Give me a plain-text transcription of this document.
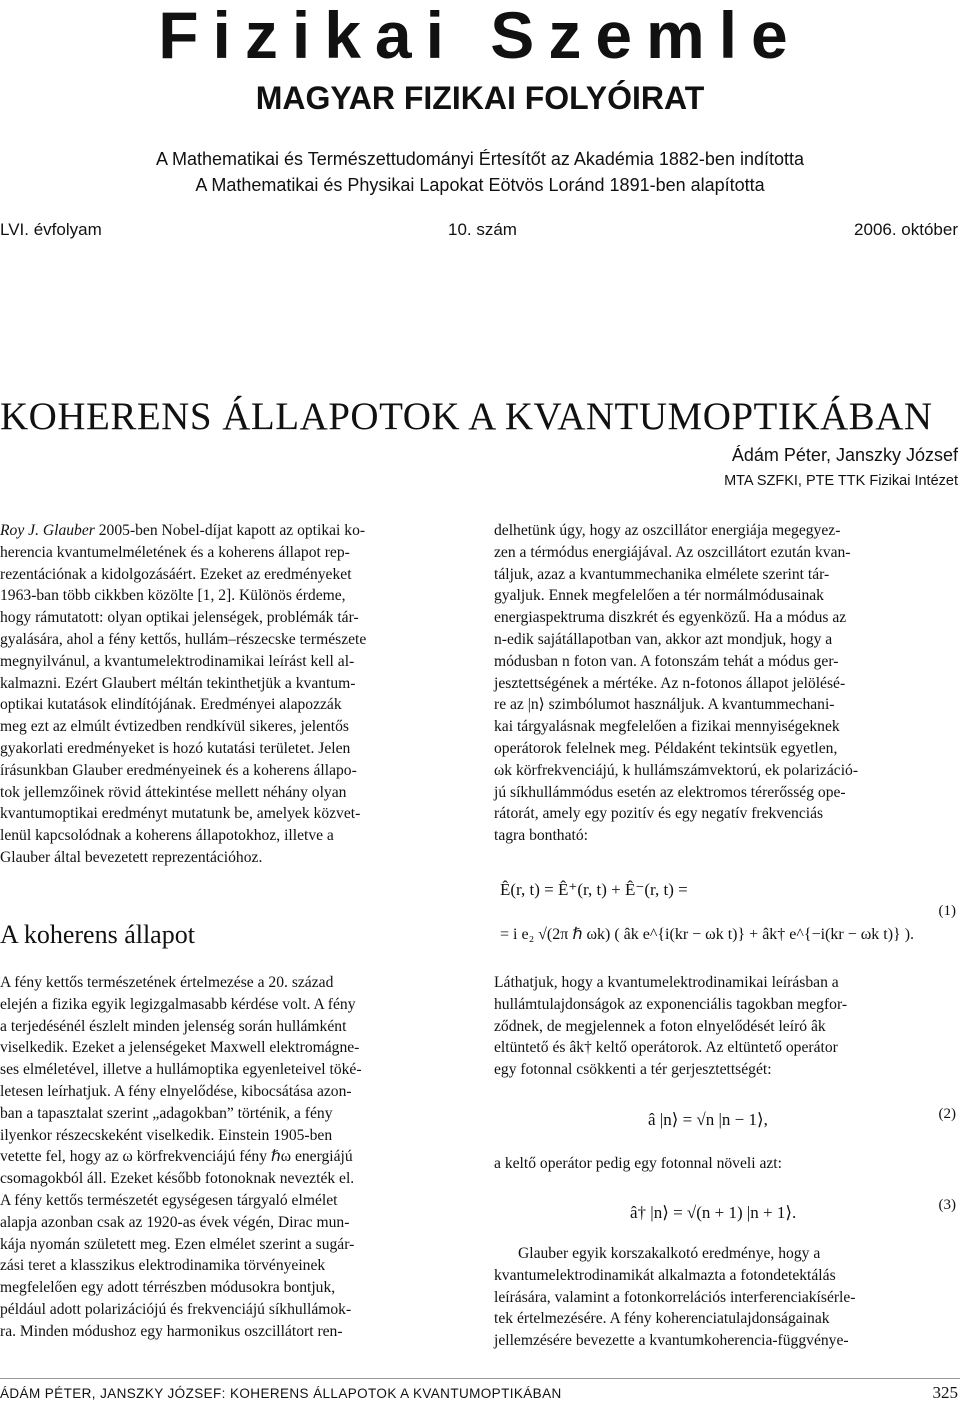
Fizikai Szemle
MAGYAR FIZIKAI FOLYÓIRAT
A Mathematikai és Természettudományi Értesítőt az Akadémia 1882-ben indította
A Mathematikai és Physikai Lapokat Eötvös Loránd 1891-ben alapította
LVI. évfolyam	10. szám	2006. október
KOHERENS ÁLLAPOTOK A KVANTUMOPTIKÁBAN
Ádám Péter, Janszky József
MTA SZFKI, PTE TTK Fizikai Intézet

Roy J. Glauber 2005-ben Nobel-díjat kapott az optikai ko-

herencia kvantumelméletének és a koherens állapot rep-

rezentációnak a kidolgozásáért. Ezeket az eredményeket

1963-ban több cikkben közölte [1, 2]. Különös érdeme,

hogy rámutatott: olyan optikai jelenségek, problémák tár-

gyalására, ahol a fény kettős, hullám–részecske természete

megnyilvánul, a kvantumelektrodinamikai leírást kell al-

kalmazni. Ezért Glaubert méltán tekinthetjük a kvantum-

optikai kutatások elindítójának. Eredményei alapozzák

meg ezt az elmúlt évtizedben rendkívül sikeres, jelentős

gyakorlati eredményeket is hozó kutatási területet. Jelen

írásunkban Glauber eredményeinek és a koherens állapo-

tok jellemzőinek rövid áttekintése mellett néhány olyan

kvantumoptikai eredményt mutatunk be, amelyek közvet-

lenül kapcsolódnak a koherens állapotokhoz, illetve a

Glauber által bevezetett reprezentációhoz.

A koherens állapot

A fény kettős természetének értelmezése a 20. század

elején a fizika egyik legizgalmasabb kérdése volt. A fény

a terjedésénél észlelt minden jelenség során hullámként

viselkedik. Ezeket a jelenségeket Maxwell elektromágne-

ses elméletével, illetve a hullámoptika egyenleteivel töké-

letesen leírhatjuk. A fény elnyelődése, kibocsátása azon-

ban a tapasztalat szerint „adagokban” történik, a fény

ilyenkor részecskeként viselkedik. Einstein 1905-ben

vetette fel, hogy az ω körfrekvenciájú fény ℏω energiájú

csomagokból áll. Ezeket később fotonoknak nevezték el.

A fény kettős természetét egységesen tárgyaló elmélet

alapja azonban csak az 1920-as évek végén, Dirac mun-

kája nyomán született meg. Ezen elmélet szerint a sugár-

zási teret a klasszikus elektrodinamika törvényeinek

megfelelően egy adott térrészben módusokra bontjuk,

például adott polarizációjú és frekvenciájú síkhullámok-

ra. Minden módushoz egy harmonikus oszcillátort ren-

delhetünk úgy, hogy az oszcillátor energiája megegyez-

zen a térmódus energiájával. Az oszcillátort ezután kvan-

táljuk, azaz a kvantummechanika elmélete szerint tár-

gyaljuk. Ennek megfelelően a tér normálmódusainak

energiaspektruma diszkrét és egyenközű. Ha a módus az

n-edik sajátállapotban van, akkor azt mondjuk, hogy a

módusban n foton van. A fotonszám tehát a módus ger-

jesztettségének a mértéke. Az n-fotonos állapot jelölésé-

re az |n⟩ szimbólumot használjuk. A kvantummechani-

kai tárgyalásnak megfelelően a fizikai mennyiségeknek

operátorok felelnek meg. Példaként tekintsük egyetlen,

ωk körfrekvenciájú, k hullámszámvektorú, ek polarizáció-

jú síkhullámmódus esetén az elektromos térerősség ope-

rátorát, amely egy pozitív és egy negatív frekvenciás

tagra bontható:

Ê(r, t) = Ê⁺(r, t) + Ê⁻(r, t) =
= i e₂ √(2π ℏ ωk) ( âk e^{i(kr − ωk t)} + âk† e^{−i(kr − ωk t)} ).
(1)

Láthatjuk, hogy a kvantumelektrodinamikai leírásban a

hullámtulajdonságok az exponenciális tagokban megfor-

ződnek, de megjelennek a foton elnyelődését leíró âk

eltüntető és âk† keltő operátorok. Az eltüntető operátor

egy fotonnal csökkenti a tér gerjesztettségét:

â |n⟩ = √n |n − 1⟩,	(2)
a keltő operátor pedig egy fotonnal növeli azt:
â† |n⟩ = √(n + 1) |n + 1⟩.	(3)

Glauber egyik korszakalkotó eredménye, hogy a

kvantumelektrodinamikát alkalmazta a fotondetektálás

leírására, valamint a fotonkorrelációs interferenciakísérle-

tek értelmezésére. A fény koherenciatulajdonságainak

jellemzésére bevezette a kvantumkoherencia-függvénye-

ÁDÁM PÉTER, JANSZKY JÓZSEF: KOHERENS ÁLLAPOTOK A KVANTUMOPTIKÁBAN	325
